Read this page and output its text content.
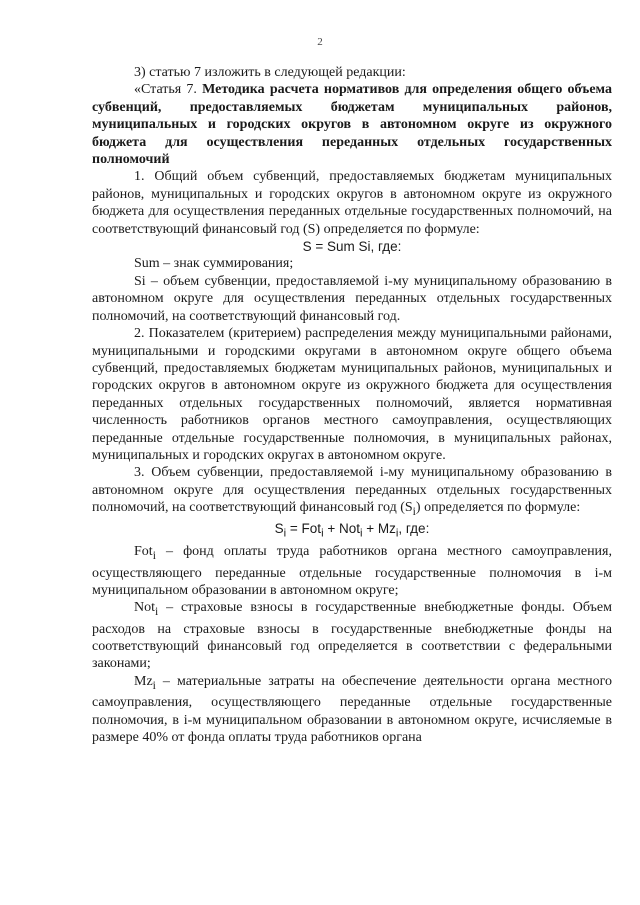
2

3) статью 7 изложить в следующей редакции:

«Статья 7. Методика расчета нормативов для определения общего объема субвенций, предоставляемых бюджетам муниципальных районов, муниципальных и городских округов в автономном округе из окружного бюджета для осуществления переданных отдельных государственных полномочий

1. Общий объем субвенций, предоставляемых бюджетам муниципальных районов, муниципальных и городских округов в автономном округе из окружного бюджета для осуществления переданных отдельные государственных полномочий, на соответствующий финансовый год (S) определяется по формуле:

S = Sum Si, где:

Sum – знак суммирования;

Si – объем субвенции, предоставляемой i-му муниципальному образованию в автономном округе для осуществления переданных отдельных государственных полномочий, на соответствующий финансовый год.

2. Показателем (критерием) распределения между муниципальными районами, муниципальными и городскими округами в автономном округе общего объема субвенций, предоставляемых бюджетам муниципальных районов, муниципальных и городских округов в автономном округе из окружного бюджета для осуществления переданных отдельных государственных полномочий, является нормативная численность работников органов местного самоуправления, осуществляющих переданные отдельные государственные полномочия, в муниципальных районах, муниципальных и городских округах в автономном округе.

3. Объем субвенции, предоставляемой i-му муниципальному образованию в автономном округе для осуществления переданных отдельных государственных полномочий, на соответствующий финансовый год $(S_i)$ определяется по формуле:

$S_i = Fot_i + Not_i + Mz_i$, где:

Fot$_i$ – фонд оплаты труда работников органа местного самоуправления, осуществляющего переданные отдельные государственные полномочия в i-м муниципальном образовании в автономном округе;

Not$_i$ – страховые взносы в государственные внебюджетные фонды. Объем расходов на страховые взносы в государственные внебюджетные фонды на соответствующий финансовый год определяется в соответствии с федеральными законами;

$Mz_i$ – материальные затраты на обеспечение деятельности органа местного самоуправления, осуществляющего переданные отдельные государственные полномочия, в i-м муниципальном образовании в автономном округе, исчисляемые в размере 40% от фонда оплаты труда работников органа
